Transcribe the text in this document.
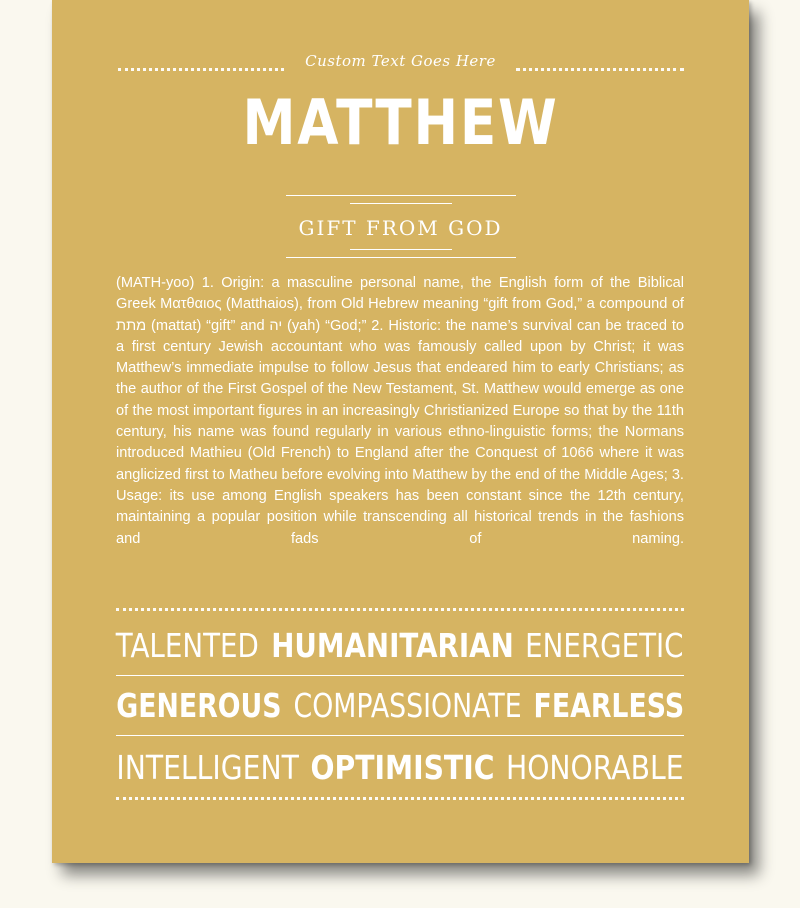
Custom Text Goes Here
MATTHEW
GIFT FROM GOD
(MATH-yoo) 1. Origin: a masculine personal name, the English form of the Biblical Greek Ματθαιος (Matthaios), from Old Hebrew meaning “gift from God,” a compound of מתת (mattat) “gift” and יה (yah) “God;” 2. Historic: the name’s survival can be traced to a first century Jewish accountant who was famously called upon by Christ; it was Matthew’s immediate impulse to follow Jesus that endeared him to early Christians; as the author of the First Gospel of the New Testament, St. Matthew would emerge as one of the most important figures in an increasingly Christianized Europe so that by the 11th century, his name was found regularly in various ethno-linguistic forms; the Normans introduced Mathieu (Old French) to England after the Conquest of 1066 where it was anglicized first to Matheu before evolving into Matthew by the end of the Middle Ages; 3. Usage: its use among English speakers has been constant since the 12th century, maintaining a popular position while transcending all historical trends in the fashions and fads of naming.
TALENTED HUMANITARIAN ENERGETIC
GENEROUS COMPASSIONATE FEARLESS
INTELLIGENT OPTIMISTIC HONORABLE
